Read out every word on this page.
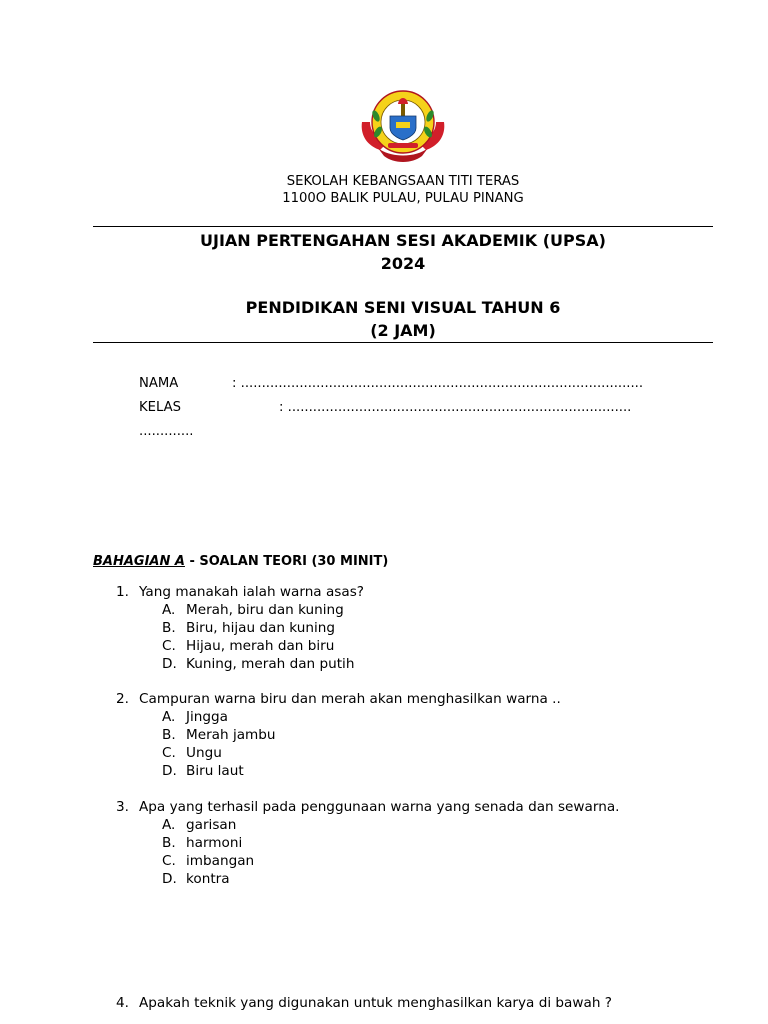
SEKOLAH KEBANGSAAN TITI TERAS
1100O BALIK PULAU, PULAU PINANG
UJIAN PERTENGAHAN SESI AKADEMIK (UPSA)
2024
PENDIDIKAN SENI VISUAL TAHUN 6
(2 JAM)
NAMA	: ................................................................................................
KELAS	: ..................................................................................
.............
BAHAGIAN A - SOALAN TEORI (30 MINIT)
1. Yang manakah ialah warna asas?
A. Merah, biru dan kuning
B. Biru, hijau dan kuning
C. Hijau, merah dan biru
D. Kuning, merah dan putih
2. Campuran warna biru dan merah akan menghasilkan warna ..
A. Jingga
B. Merah jambu
C. Ungu
D. Biru laut
3. Apa yang terhasil pada penggunaan warna yang senada dan sewarna.
A. garisan
B. harmoni
C. imbangan
D. kontra
4. Apakah teknik yang digunakan untuk menghasilkan karya di bawah ?
